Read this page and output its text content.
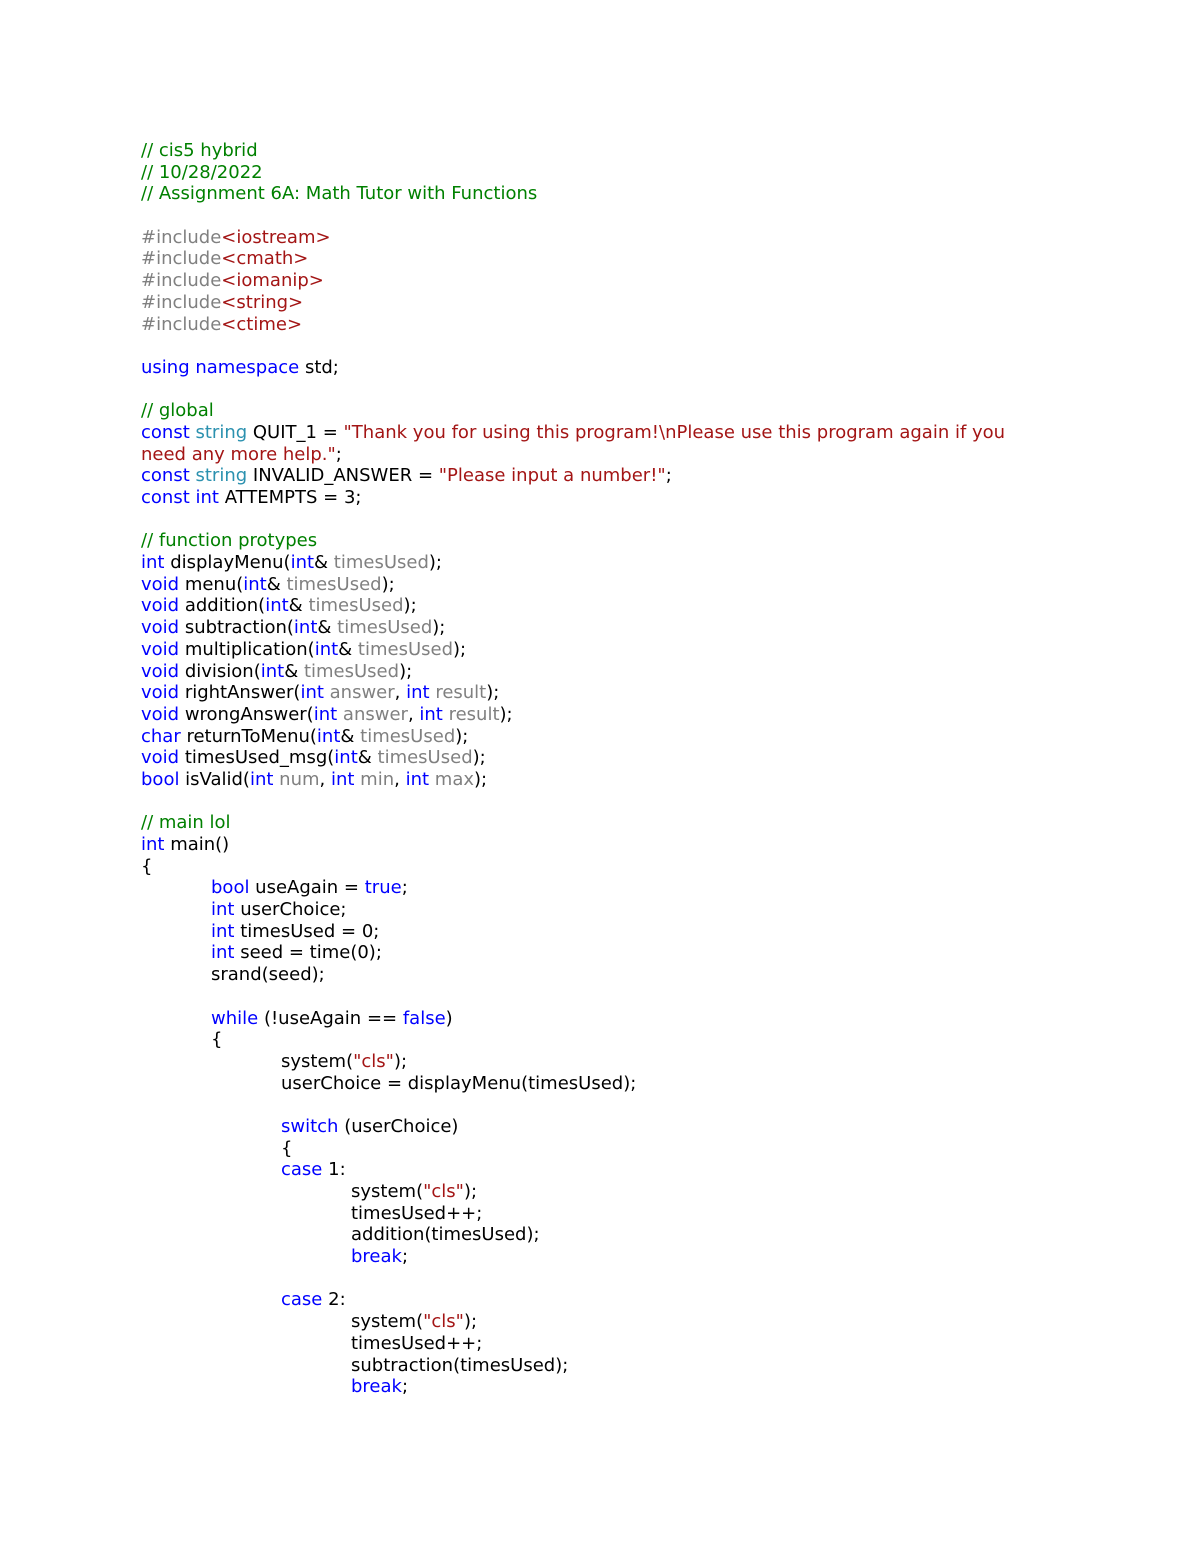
// cis5 hybrid
// 10/28/2022
// Assignment 6A: Math Tutor with Functions
#include<iostream>
#include<cmath>
#include<iomanip>
#include<string>
#include<ctime>
using namespace std;
// global
const string QUIT_1 = "Thank you for using this program!\nPlease use this program again if you
need any more help.";
const string INVALID_ANSWER = "Please input a number!";
const int ATTEMPTS = 3;
// function protypes
int displayMenu(int& timesUsed);
void menu(int& timesUsed);
void addition(int& timesUsed);
void subtraction(int& timesUsed);
void multiplication(int& timesUsed);
void division(int& timesUsed);
void rightAnswer(int answer, int result);
void wrongAnswer(int answer, int result);
char returnToMenu(int& timesUsed);
void timesUsed_msg(int& timesUsed);
bool isValid(int num, int min, int max);
// main lol
int main()
{
bool useAgain = true;
int userChoice;
int timesUsed = 0;
int seed = time(0);
srand(seed);
while (!useAgain == false)
{
system("cls");
userChoice = displayMenu(timesUsed);
switch (userChoice)
{
case 1:
system("cls");
timesUsed++;
addition(timesUsed);
break;
case 2:
system("cls");
timesUsed++;
subtraction(timesUsed);
break;
